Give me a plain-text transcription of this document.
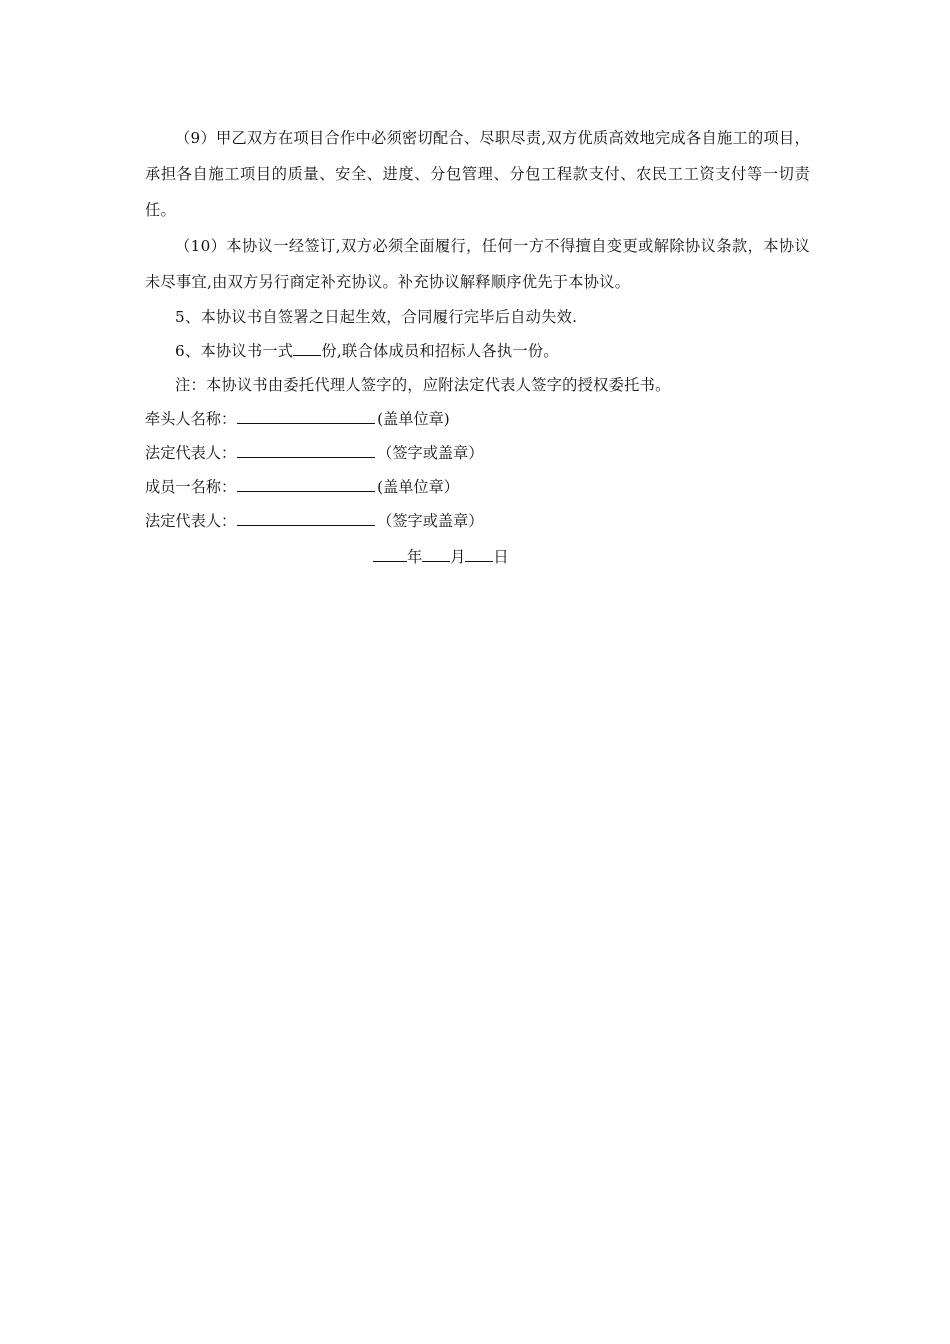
（9）甲乙双方在项目合作中必须密切配合、尽职尽责,双方优质高效地完成各自施工的项目，承担各自施工项目的质量、安全、进度、分包管理、分包工程款支付、农民工工资支付等一切责任。

（10）本协议一经签订,双方必须全面履行，任何一方不得擅自变更或解除协议条款，本协议未尽事宜,由双方另行商定补充协议。补充协议解释顺序优先于本协议。

5、本协议书自签署之日起生效，合同履行完毕后自动失效.

6、本协议书一式 份,联合体成员和招标人各执一份。

注：本协议书由委托代理人签字的，应附法定代表人签字的授权委托书。

牵头人名称：	(盖单位章)
法定代表人：	（签字或盖章）
成员一名称：	(盖单位章）
法定代表人：	（签字或盖章）
年 月 日
